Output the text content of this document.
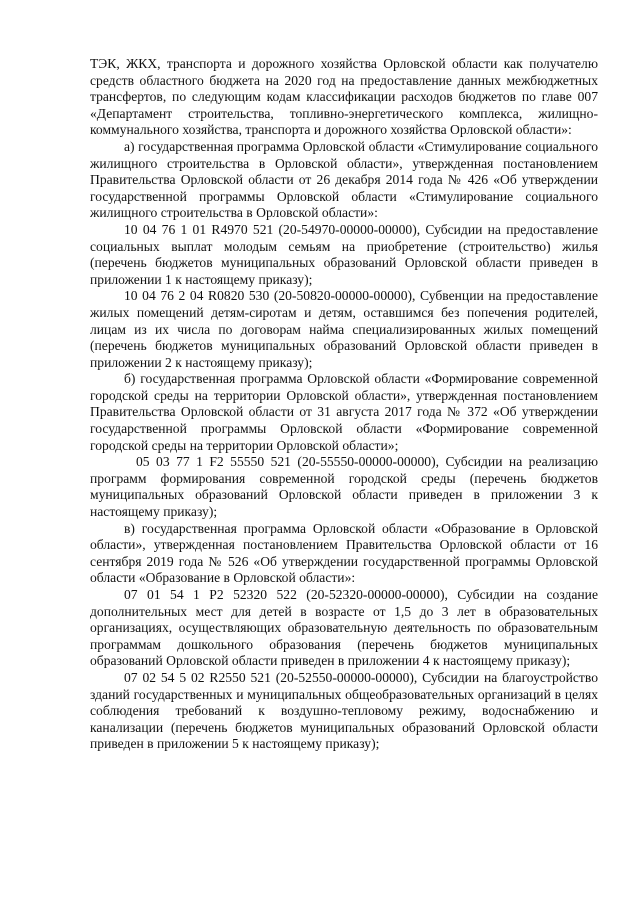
ТЭК, ЖКХ, транспорта и дорожного хозяйства Орловской области как получателю средств областного бюджета на 2020 год на предоставление данных межбюджетных трансфертов, по следующим кодам классификации расходов бюджетов по главе 007 «Департамент строительства, топливно-энергетического комплекса, жилищно-коммунального хозяйства, транспорта и дорожного хозяйства Орловской области»:

а) государственная программа Орловской области «Стимулирование социального жилищного строительства в Орловской области», утвержденная постановлением Правительства Орловской области от 26 декабря 2014 года № 426 «Об утверждении государственной программы Орловской области «Стимулирование социального жилищного строительства в Орловской области»:

10 04 76 1 01 R4970 521 (20-54970-00000-00000), Субсидии на предоставление социальных выплат молодым семьям на приобретение (строительство) жилья (перечень бюджетов муниципальных образований Орловской области приведен в приложении 1 к настоящему приказу);

10 04 76 2 04 R0820 530 (20-50820-00000-00000), Субвенции на предоставление жилых помещений детям-сиротам и детям, оставшимся без попечения родителей, лицам из их числа по договорам найма специализированных жилых помещений (перечень бюджетов муниципальных образований Орловской области приведен в приложении 2 к настоящему приказу);

б) государственная программа Орловской области «Формирование современной городской среды на территории Орловской области», утвержденная постановлением Правительства Орловской области от 31 августа 2017 года № 372 «Об утверждении государственной программы Орловской области «Формирование современной городской среды на территории Орловской области»;

05 03 77 1 F2 55550 521 (20-55550-00000-00000), Субсидии на реализацию программ формирования современной городской среды (перечень бюджетов муниципальных образований Орловской области приведен в приложении 3 к настоящему приказу);

в) государственная программа Орловской области «Образование в Орловской области», утвержденная постановлением Правительства Орловской области от 16 сентября 2019 года № 526 «Об утверждении государственной программы Орловской области «Образование в Орловской области»:

07 01 54 1 P2 52320 522 (20-52320-00000-00000), Субсидии на создание дополнительных мест для детей в возрасте от 1,5 до 3 лет в образовательных организациях, осуществляющих образовательную деятельность по образовательным программам дошкольного образования (перечень бюджетов муниципальных образований Орловской области приведен в приложении 4 к настоящему приказу);

07 02 54 5 02 R2550 521 (20-52550-00000-00000), Субсидии на благоустройство зданий государственных и муниципальных общеобразовательных организаций в целях соблюдения требований к воздушно-тепловому режиму, водоснабжению и канализации (перечень бюджетов муниципальных образований Орловской области приведен в приложении 5 к настоящему приказу);
